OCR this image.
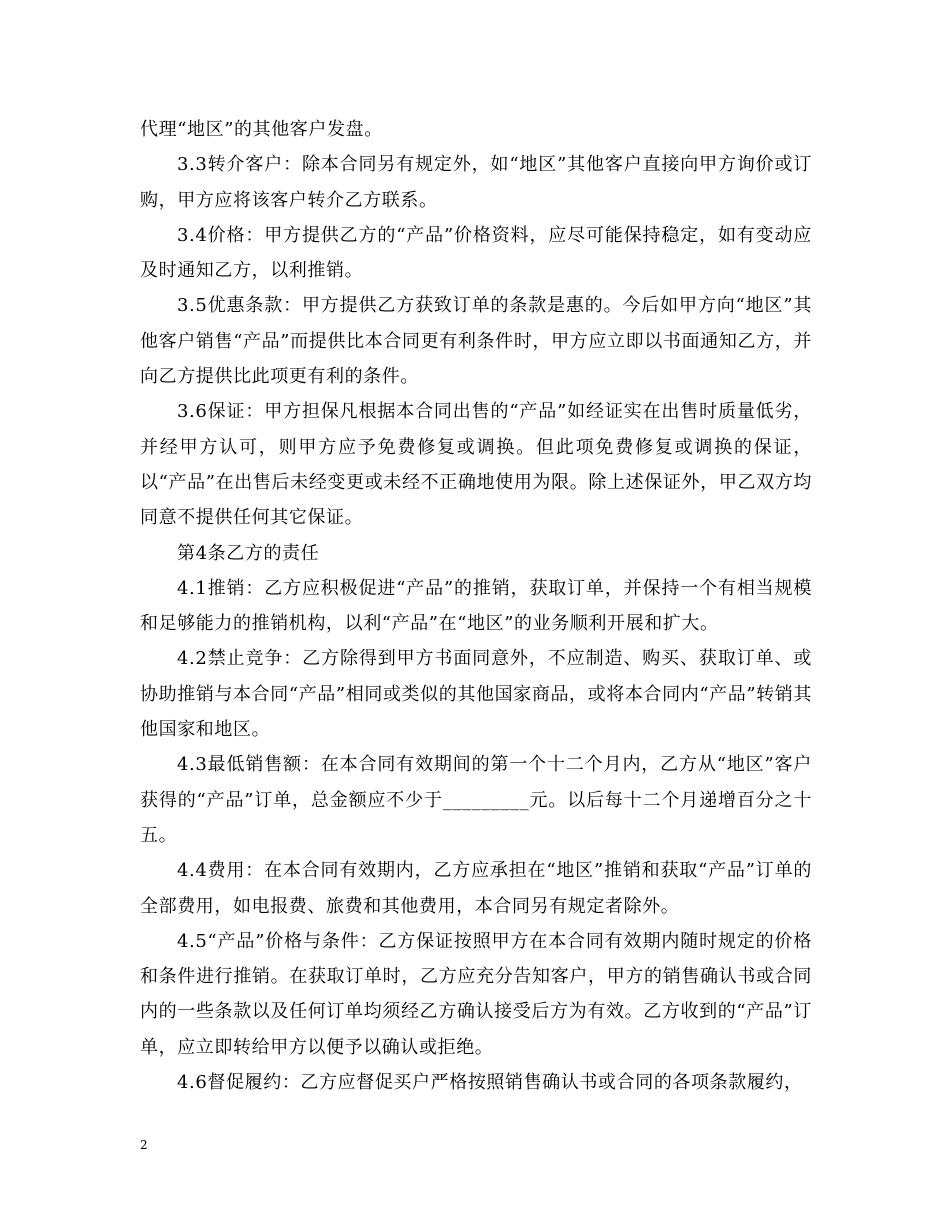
代理“地区”的其他客户发盘。

3.3转介客户：除本合同另有规定外，如“地区”其他客户直接向甲方询价或订购，甲方应将该客户转介乙方联系。

3.4价格：甲方提供乙方的“产品”价格资料，应尽可能保持稳定，如有变动应及时通知乙方，以利推销。

3.5优惠条款：甲方提供乙方获致订单的条款是惠的。今后如甲方向“地区”其他客户销售“产品”而提供比本合同更有利条件时，甲方应立即以书面通知乙方，并向乙方提供比此项更有利的条件。

3.6保证：甲方担保凡根据本合同出售的“产品”如经证实在出售时质量低劣，并经甲方认可，则甲方应予免费修复或调换。但此项免费修复或调换的保证，以“产品”在出售后未经变更或未经不正确地使用为限。除上述保证外，甲乙双方均同意不提供任何其它保证。

第4条乙方的责任

4.1推销：乙方应积极促进“产品”的推销，获取订单，并保持一个有相当规模和足够能力的推销机构，以利“产品”在“地区”的业务顺利开展和扩大。

4.2禁止竞争：乙方除得到甲方书面同意外，不应制造、购买、获取订单、或协助推销与本合同“产品”相同或类似的其他国家商品，或将本合同内“产品”转销其他国家和地区。

4.3最低销售额：在本合同有效期间的第一个十二个月内，乙方从“地区”客户获得的“产品”订单，总金额应不少于_________元。以后每十二个月递增百分之十五。

4.4费用：在本合同有效期内，乙方应承担在“地区”推销和获取“产品”订单的全部费用，如电报费、旅费和其他费用，本合同另有规定者除外。

4.5“产品”价格与条件：乙方保证按照甲方在本合同有效期内随时规定的价格和条件进行推销。在获取订单时，乙方应充分告知客户，甲方的销售确认书或合同内的一些条款以及任何订单均须经乙方确认接受后方为有效。乙方收到的“产品”订单，应立即转给甲方以便予以确认或拒绝。

4.6督促履约：乙方应督促买户严格按照销售确认书或合同的各项条款履约，

2
